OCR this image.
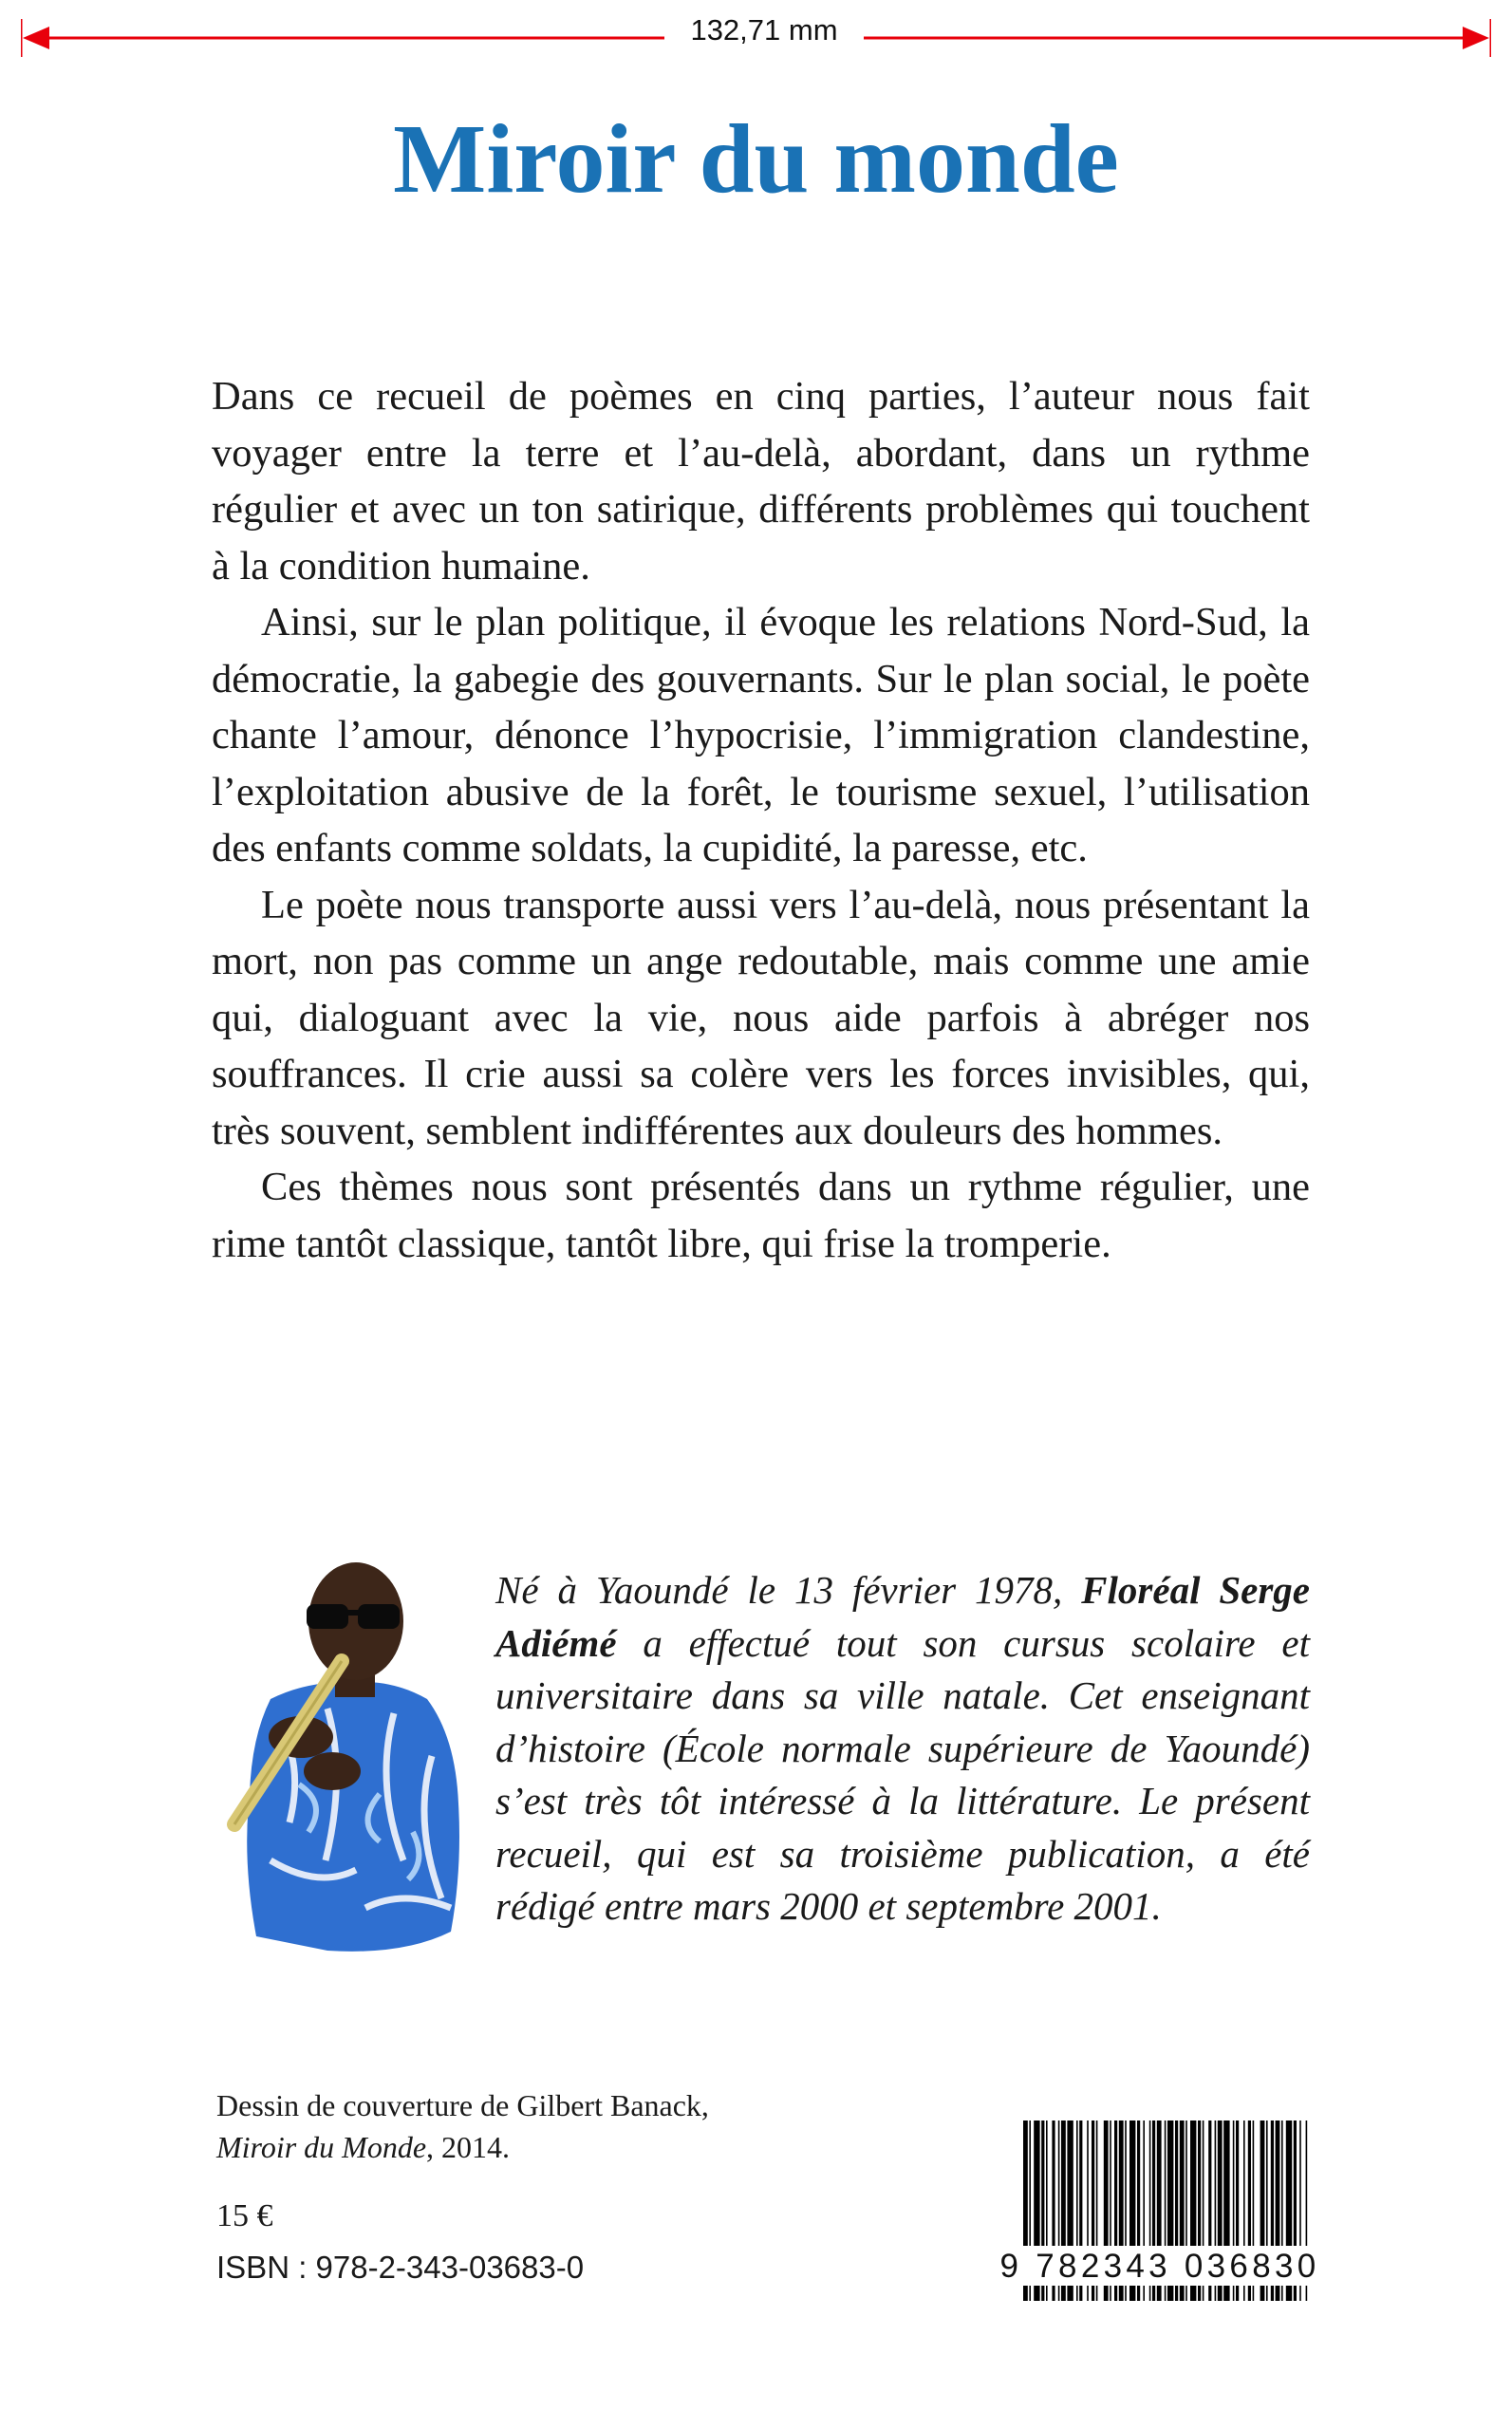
132,71 mm
Miroir du monde

Dans ce recueil de poèmes en cinq parties, l’auteur nous fait voyager entre la terre et l’au-delà, abordant, dans un rythme régulier et avec un ton satirique, différents problèmes qui touchent à la condition humaine.

Ainsi, sur le plan politique, il évoque les relations Nord-Sud, la démocratie, la gabegie des gouvernants. Sur le plan social, le poète chante l’amour, dénonce l’hypocrisie, l’immigration clandestine, l’exploitation abusive de la forêt, le tourisme sexuel, l’utilisation des enfants comme soldats, la cupidité, la paresse, etc.

Le poète nous transporte aussi vers l’au-delà, nous présentant la mort, non pas comme un ange redoutable, mais comme une amie qui, dialoguant avec la vie, nous aide parfois à abréger nos souffrances. Il crie aussi sa colère vers les forces invisibles, qui, très souvent, semblent indifférentes aux douleurs des hommes.

Ces thèmes nous sont présentés dans un rythme régulier, une rime tantôt classique, tantôt libre, qui frise la tromperie.

Né à Yaoundé le 13 février 1978, Floréal Serge Adiémé a effectué tout son cursus scolaire et universitaire dans sa ville natale. Cet enseignant d’histoire (École normale supérieure de Yaoundé) s’est très tôt intéressé à la littérature. Le présent recueil, qui est sa troisième publication, a été rédigé entre mars 2000 et septembre 2001.

Dessin de couverture de Gilbert Banack,
Miroir du Monde, 2014.
15 €
ISBN : 978-2-343-03683-0	9 782343 036830
